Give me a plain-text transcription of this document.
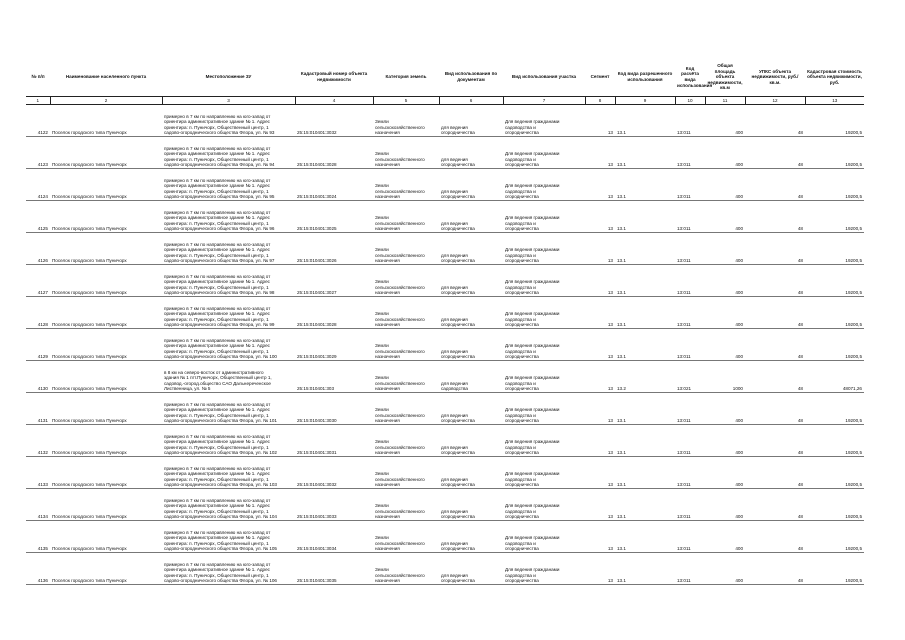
№ п/п	Наименование населенного пункта	Местоположение ЗУ	Кадастровый номер объекта недвижимости	Категория земель	Вид использования по документам	Вид использования участка	Сегмент	Код вида разрешенного использования	Код расчёта вида использования	Общая площадь объекта недвижимости, кв.м	УПКС объекта недвижимости, руб./кв.м.	Кадастровая стоимость объекта недвижимости, руб.
1	2	3	4	5	6	7	8	9	10	11	12	13
4122	Поселок городского типа Пуничорх	примерно в 7 км по направлению на юго-запад от
ориентира административное здание № 1. Адрес
ориентира: п. Пуничорх, Общественный центр, 1
садово-огороднического общества Флора, ул. № 93	25:15:010401:3032	Земли
сельскохозяйственного
назначения	для ведения
огородничества	Для ведения гражданами
садоводства и
огородничества	13	13.1	13:011	400	48	19200,5
4123	Поселок городского типа Пуничорх	примерно в 7 км по направлению на юго-запад от
ориентира административное здание № 1. Адрес
ориентира: п. Пуничорх, Общественный центр, 1
садово-огороднического общества Флора, ул. № 94	25:15:010401:3028	Земли
сельскохозяйственного
назначения	для ведения
огородничества	Для ведения гражданами
садоводства и
огородничества	13	13.1	13:011	400	48	19200,5
4124	Поселок городского типа Пуничорх	примерно в 7 км по направлению на юго-запад от
ориентира административное здание № 1. Адрес
ориентира: п. Пуничорх, Общественный центр, 1
садово-огороднического общества Флора, ул. № 95	25:15:010401:3024	Земли
сельскохозяйственного
назначения	для ведения
огородничества	Для ведения гражданами
садоводства и
огородничества	13	13.1	13:011	400	48	19200,5
4125	Поселок городского типа Пуничорх	примерно в 7 км по направлению на юго-запад от
ориентира административное здание № 1. Адрес
ориентира: п. Пуничорх, Общественный центр, 1
садово-огороднического общества Флора, ул. № 96	25:15:010401:3025	Земли
сельскохозяйственного
назначения	для ведения
огородничества	Для ведения гражданами
садоводства и
огородничества	13	13.1	13:011	400	48	19200,5
4126	Поселок городского типа Пуничорх	примерно в 7 км по направлению на юго-запад от
ориентира административное здание № 1. Адрес
ориентира: п. Пуничорх, Общественный центр, 1
садово-огороднического общества Флора, ул. № 97	25:15:010401:3026	Земли
сельскохозяйственного
назначения	для ведения
огородничества	Для ведения гражданами
садоводства и
огородничества	13	13.1	13:011	400	48	19200,5
4127	Поселок городского типа Пуничорх	примерно в 7 км по направлению на юго-запад от
ориентира административное здание № 1. Адрес
ориентира: п. Пуничорх, Общественный центр, 1
садово-огороднического общества Флора, ул. № 98	25:15:010401:3027	Земли
сельскохозяйственного
назначения	для ведения
огородничества	Для ведения гражданами
садоводства и
огородничества	13	13.1	13:011	400	48	19200,5
4128	Поселок городского типа Пуничорх	примерно в 7 км по направлению на юго-запад от
ориентира административное здание № 1. Адрес
ориентира: п. Пуничорх, Общественный центр, 1
садово-огороднического общества Флора, ул. № 99	25:15:010401:3028	Земли
сельскохозяйственного
назначения	для ведения
огородничества	Для ведения гражданами
садоводства и
огородничества	13	13.1	13:011	400	48	19200,5
4129	Поселок городского типа Пуничорх	примерно в 7 км по направлению на юго-запад от
ориентира административное здание № 1. Адрес
ориентира: п. Пуничорх, Общественный центр, 1
садово-огороднического общества Флора, ул. № 100	25:15:010401:3029	Земли
сельскохозяйственного
назначения	для ведения
огородничества	Для ведения гражданами
садоводства и
огородничества	13	13.1	13:011	400	48	19200,5
4130	Поселок городского типа Пуничорх	в 8 км на северо-восток от административного
здания № 1 пгт.Пуничорх, Общественный центр 1,
садовод.-огород.общество САО Дальнереченское
Лиственница, ул. № 5	25:15:010401:303	Земли
сельскохозяйственного
назначения	для ведения
садоводства	Для ведения гражданами
садоводства и
огородничества	13	13.2	13:021	1000	48	48071,26
4131	Поселок городского типа Пуничорх	примерно в 7 км по направлению на юго-запад от
ориентира административное здание № 1. Адрес
ориентира: п. Пуничорх, Общественный центр, 1
садово-огороднического общества Флора, ул. № 101	25:15:010401:3030	Земли
сельскохозяйственного
назначения	для ведения
огородничества	Для ведения гражданами
садоводства и
огородничества	13	13.1	13:011	400	48	19200,5
4132	Поселок городского типа Пуничорх	примерно в 7 км по направлению на юго-запад от
ориентира административное здание № 1. Адрес
ориентира: п. Пуничорх, Общественный центр, 1
садово-огороднического общества Флора, ул. № 102	25:15:010401:3031	Земли
сельскохозяйственного
назначения	для ведения
огородничества	Для ведения гражданами
садоводства и
огородничества	13	13.1	13:011	400	48	19200,5
4133	Поселок городского типа Пуничорх	примерно в 7 км по направлению на юго-запад от
ориентира административное здание № 1. Адрес
ориентира: п. Пуничорх, Общественный центр, 1
садово-огороднического общества Флора, ул. № 103	25:15:010401:3032	Земли
сельскохозяйственного
назначения	для ведения
огородничества	Для ведения гражданами
садоводства и
огородничества	13	13.1	13:011	400	48	19200,5
4134	Поселок городского типа Пуничорх	примерно в 7 км по направлению на юго-запад от
ориентира административное здание № 1. Адрес
ориентира: п. Пуничорх, Общественный центр, 1
садово-огороднического общества Флора, ул. № 104	25:15:010401:3033	Земли
сельскохозяйственного
назначения	для ведения
огородничества	Для ведения гражданами
садоводства и
огородничества	13	13.1	13:011	400	48	19200,5
4135	Поселок городского типа Пуничорх	примерно в 7 км по направлению на юго-запад от
ориентира административное здание № 1. Адрес
ориентира: п. Пуничорх, Общественный центр, 1
садово-огороднического общества Флора, ул. № 105	25:15:010401:3034	Земли
сельскохозяйственного
назначения	для ведения
огородничества	Для ведения гражданами
садоводства и
огородничества	13	13.1	13:011	400	48	19200,5
4136	Поселок городского типа Пуничорх	примерно в 7 км по направлению на юго-запад от
ориентира административное здание № 1. Адрес
ориентира: п. Пуничорх, Общественный центр, 1
садово-огороднического общества Флора, ул. № 106	25:15:010401:3035	Земли
сельскохозяйственного
назначения	для ведения
огородничества	Для ведения гражданами
садоводства и
огородничества	13	13.1	13:011	400	48	19200,5
